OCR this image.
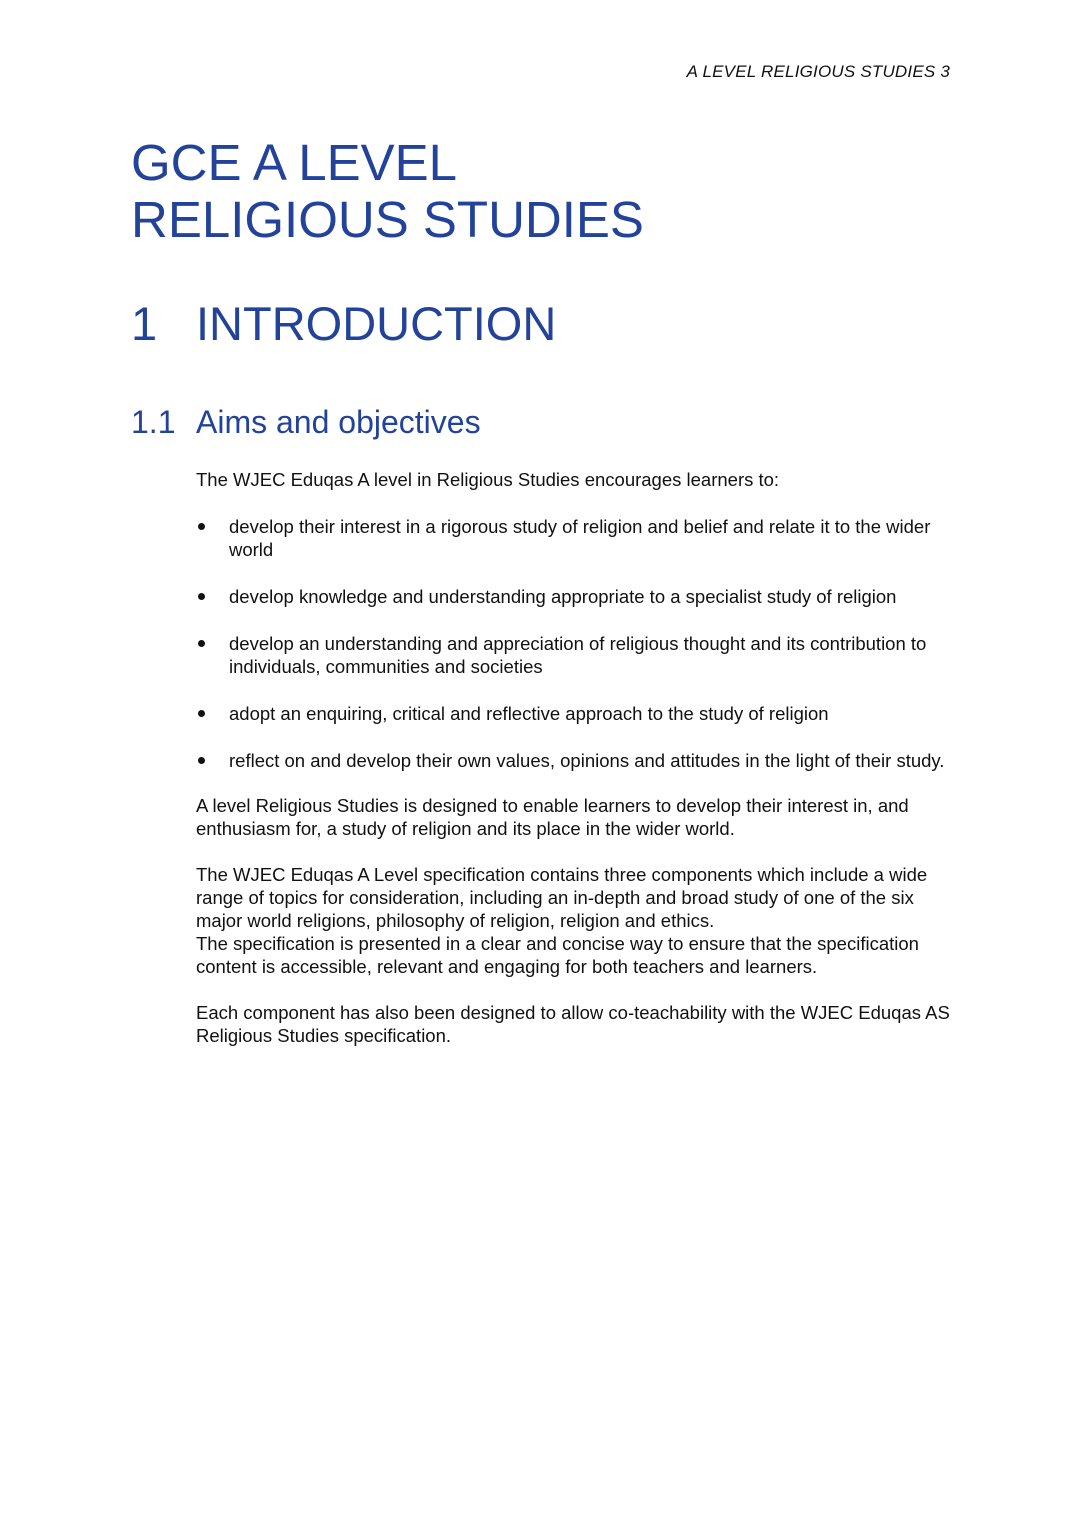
A LEVEL RELIGIOUS STUDIES 3
GCE A LEVEL
RELIGIOUS STUDIES
1 INTRODUCTION
1.1 Aims and objectives

The WJEC Eduqas A level in Religious Studies encourages learners to:

develop their interest in a rigorous study of religion and belief and relate it to the wider world
develop knowledge and understanding appropriate to a specialist study of religion
develop an understanding and appreciation of religious thought and its contribution to individuals, communities and societies
adopt an enquiring, critical and reflective approach to the study of religion
reflect on and develop their own values, opinions and attitudes in the light of their study.

A level Religious Studies is designed to enable learners to develop their interest in, and enthusiasm for, a study of religion and its place in the wider world.

The WJEC Eduqas A Level specification contains three components which include a wide range of topics for consideration, including an in-depth and broad study of one of the six major world religions, philosophy of religion, religion and ethics.

The specification is presented in a clear and concise way to ensure that the specification content is accessible, relevant and engaging for both teachers and learners.

Each component has also been designed to allow co-teachability with the WJEC Eduqas AS Religious Studies specification.
